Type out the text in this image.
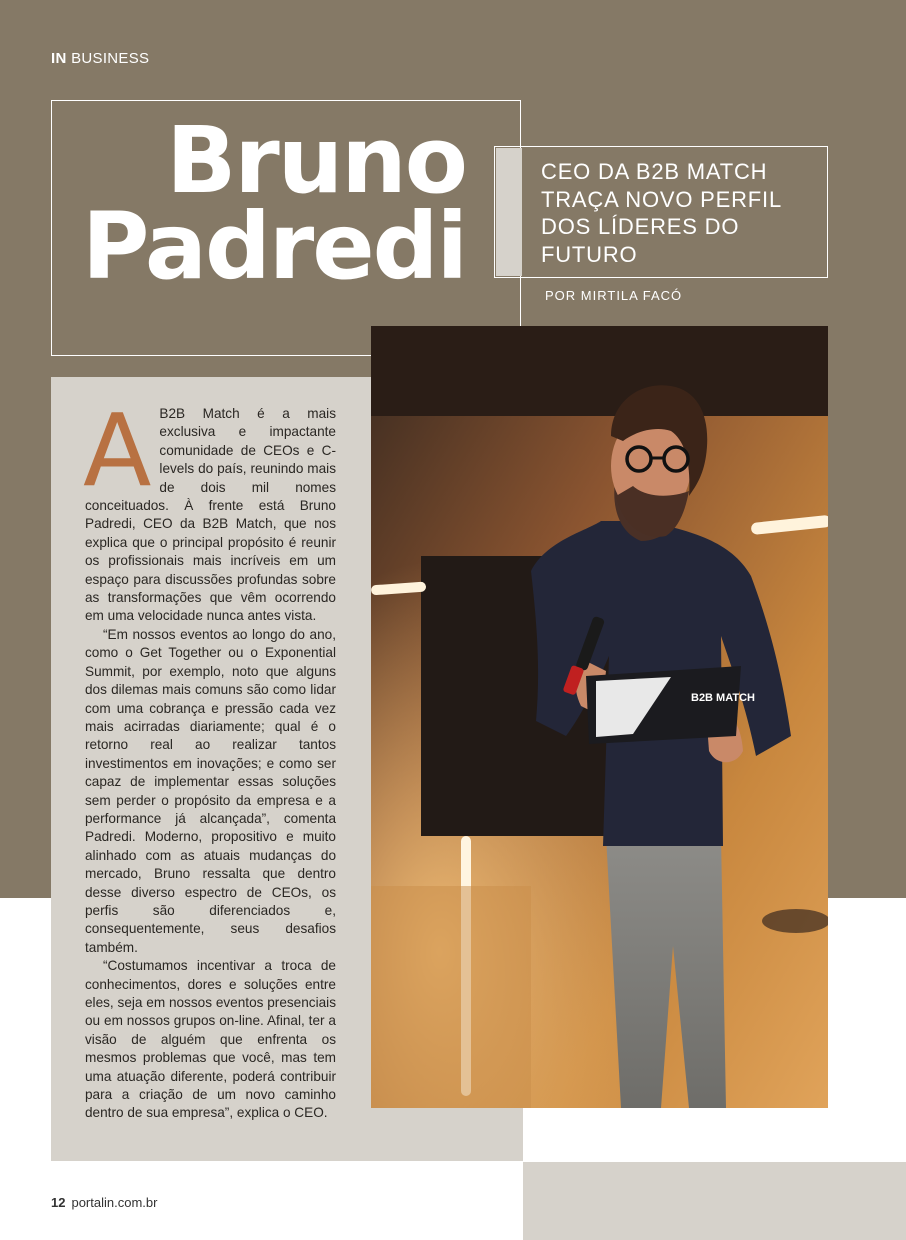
IN BUSINESS
Bruno
Padredi
CEO DA B2B MATCH TRAÇA NOVO PERFIL DOS LÍDERES DO FUTURO
POR MIRTILA FACÓ

A B2B Match é a mais exclusiva e impactante comunidade de CEOs e C-levels do país, reunindo mais de dois mil nomes conceituados. À frente está Bruno Padredi, CEO da B2B Match, que nos explica que o principal propósito é reunir os profissionais mais incríveis em um espaço para discussões profundas sobre as transformações que vêm ocorrendo em uma velocidade nunca antes vista.

“Em nossos eventos ao longo do ano, como o Get Together ou o Exponential Summit, por exemplo, noto que alguns dos dilemas mais comuns são como lidar com uma cobrança e pressão cada vez mais acirradas diariamente; qual é o retorno real ao realizar tantos investimentos em inovações; e como ser capaz de implementar essas soluções sem perder o propósito da empresa e a performance já alcançada”, comenta Padredi. Moderno, propositivo e muito alinhado com as atuais mudanças do mercado, Bruno ressalta que dentro desse diverso espectro de CEOs, os perfis são diferenciados e, consequentemente, seus desafios também.

“Costumamos incentivar a troca de conhecimentos, dores e soluções entre eles, seja em nossos eventos presenciais ou em nossos grupos on-line. Afinal, ter a visão de alguém que enfrenta os mesmos problemas que você, mas tem uma atuação diferente, poderá contribuir para a criação de um novo caminho dentro de sua empresa”, explica o CEO.

B2B MATCH
12 portalin.com.br
